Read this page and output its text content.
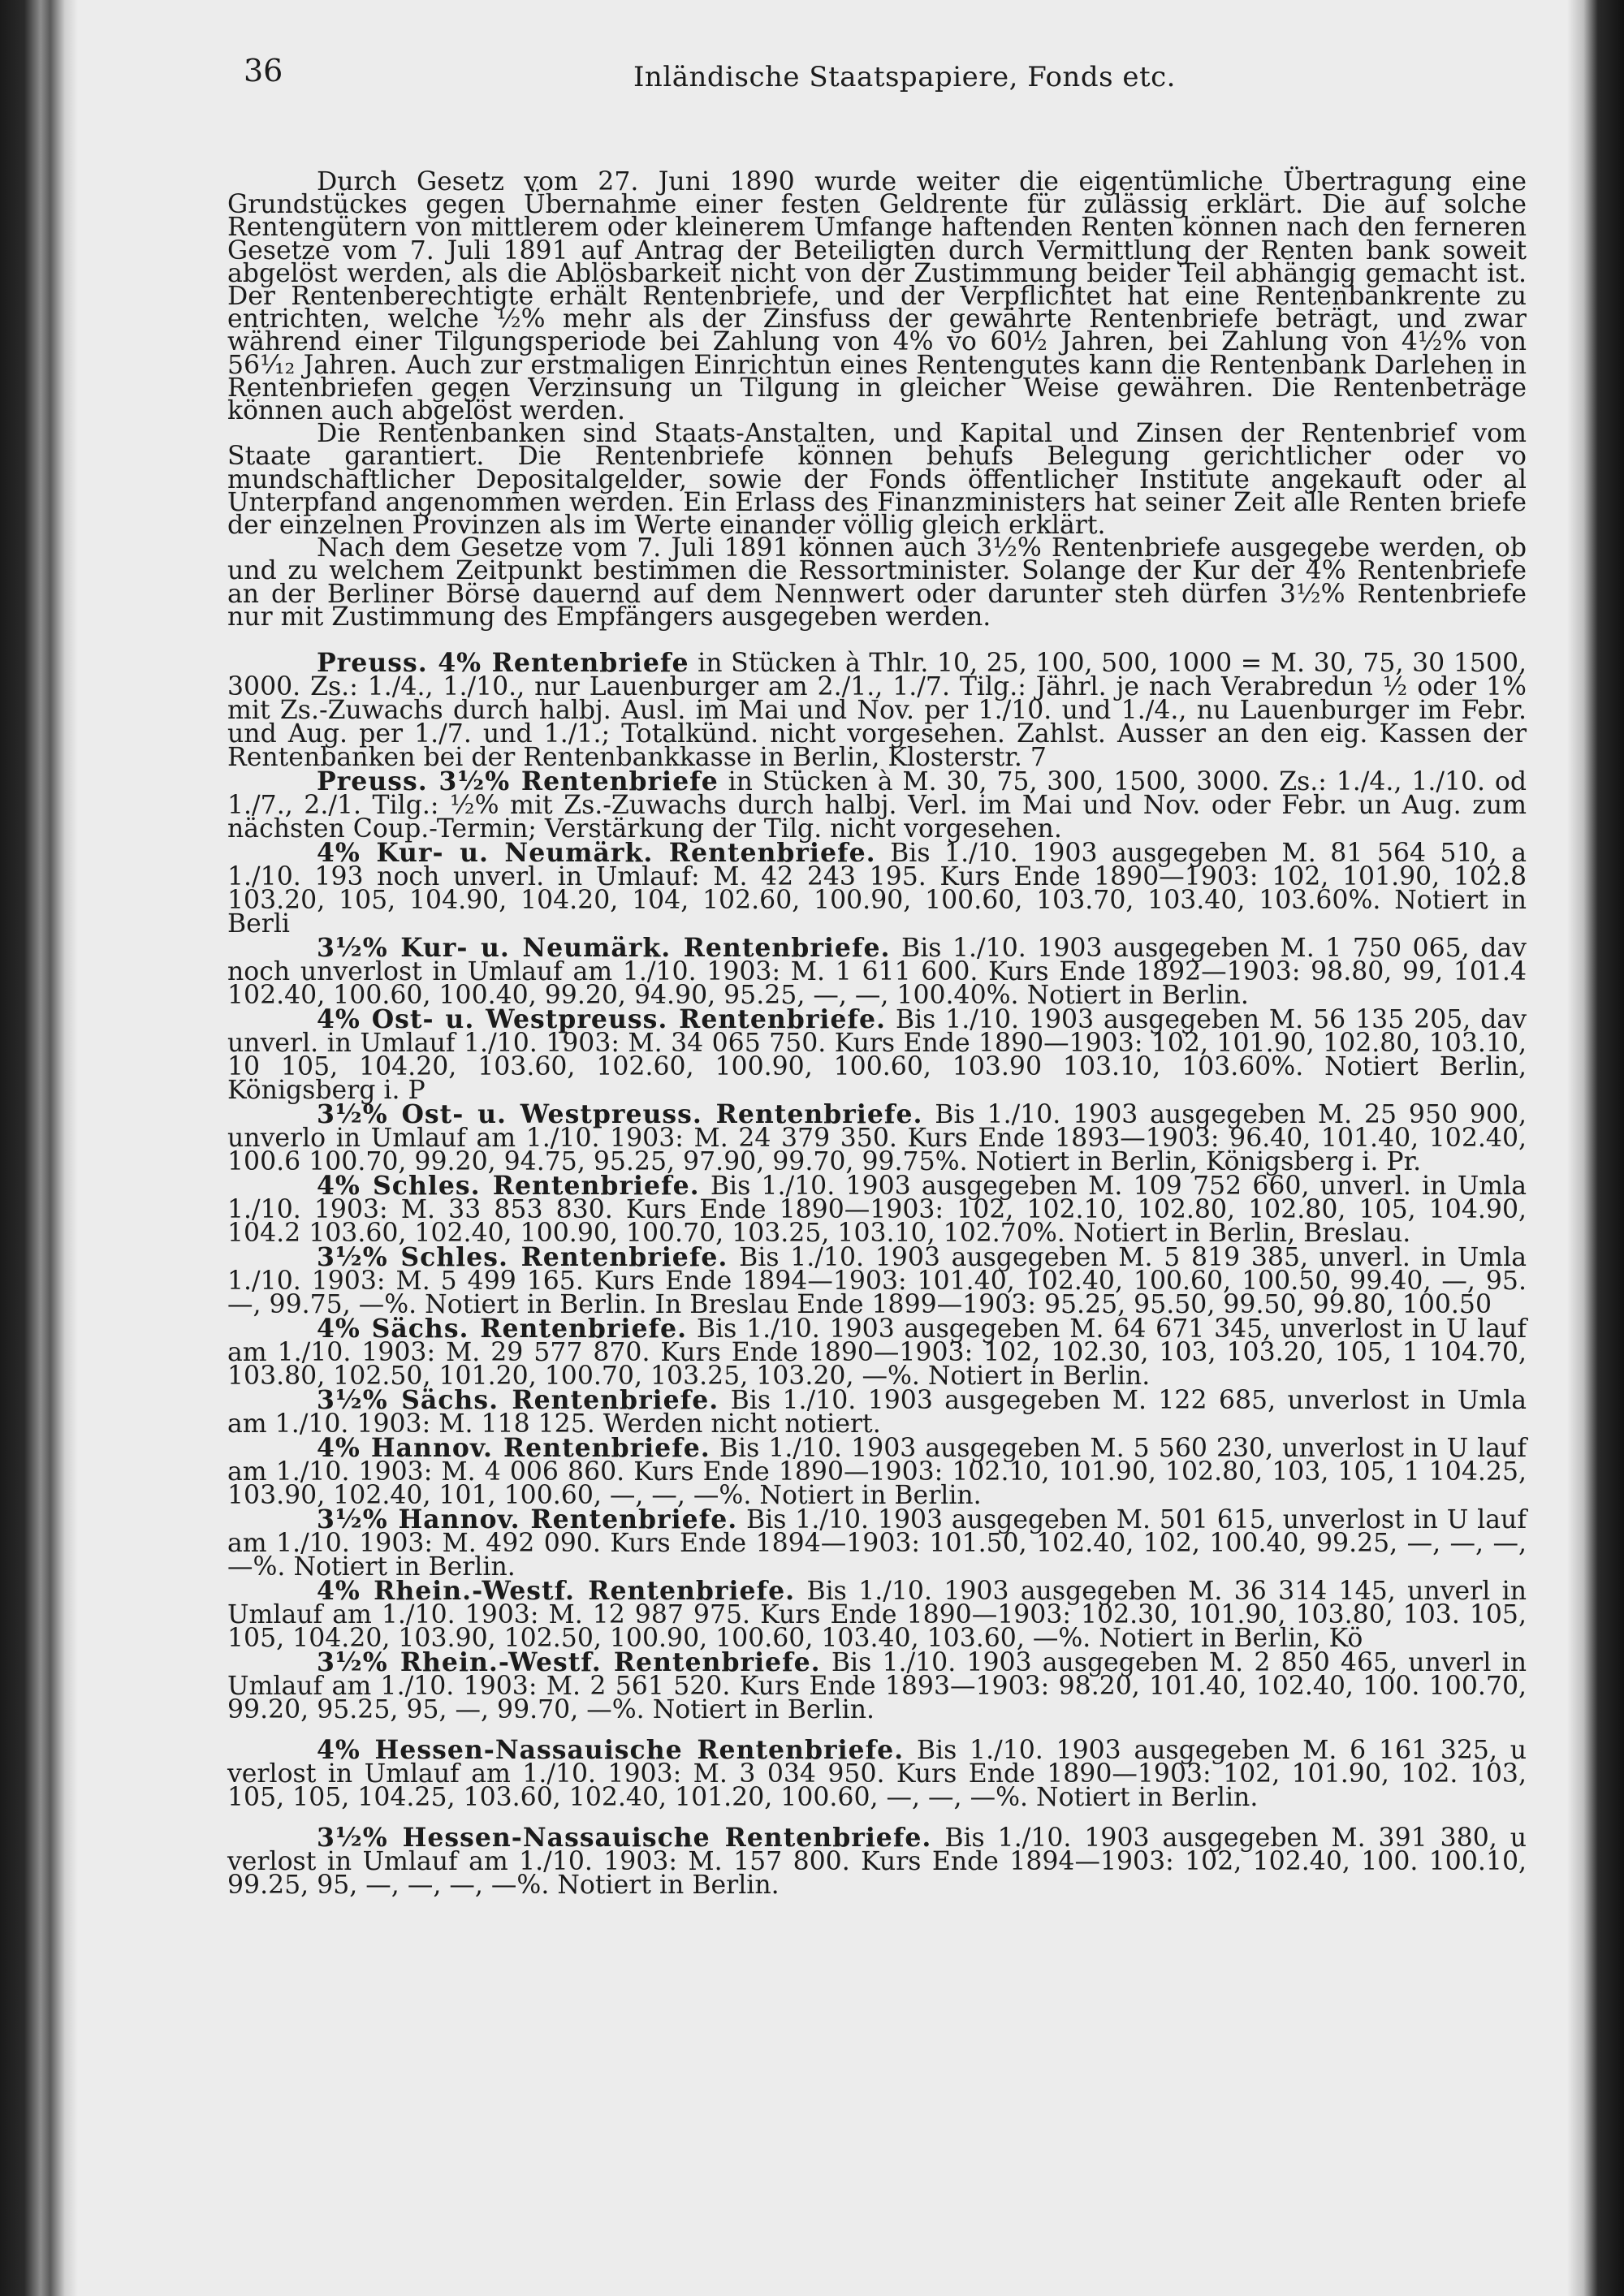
36	Inländische Staatspapiere, Fonds etc.

Durch Gesetz vom 27. Juni 1890 wurde weiter die eigentümliche Übertragung eine Grundstückes gegen Übernahme einer festen Geldrente für zulässig erklärt. Die auf solche Rentengütern von mittlerem oder kleinerem Umfange haftenden Renten können nach den ferneren Gesetze vom 7. Juli 1891 auf Antrag der Beteiligten durch Vermittlung der Renten bank soweit abgelöst werden, als die Ablösbarkeit nicht von der Zustimmung beider Teil abhängig gemacht ist. Der Rentenberechtigte erhält Rentenbriefe, und der Verpflichtet hat eine Rentenbankrente zu entrichten, welche ½% mehr als der Zinsfuss der gewährte Rentenbriefe beträgt, und zwar während einer Tilgungsperiode bei Zahlung von 4% vo 60½ Jahren, bei Zahlung von 4½% von 56¹⁄₁₂ Jahren. Auch zur erstmaligen Einrichtun eines Rentengutes kann die Rentenbank Darlehen in Rentenbriefen gegen Verzinsung un Tilgung in gleicher Weise gewähren. Die Rentenbeträge können auch abgelöst werden.

Die Rentenbanken sind Staats-Anstalten, und Kapital und Zinsen der Rentenbrief vom Staate garantiert. Die Rentenbriefe können behufs Belegung gerichtlicher oder vo mundschaftlicher Depositalgelder, sowie der Fonds öffentlicher Institute angekauft oder al Unterpfand angenommen werden. Ein Erlass des Finanzministers hat seiner Zeit alle Renten briefe der einzelnen Provinzen als im Werte einander völlig gleich erklärt.

Nach dem Gesetze vom 7. Juli 1891 können auch 3½% Rentenbriefe ausgegebe werden, ob und zu welchem Zeitpunkt bestimmen die Ressortminister. Solange der Kur der 4% Rentenbriefe an der Berliner Börse dauernd auf dem Nennwert oder darunter steh dürfen 3½% Rentenbriefe nur mit Zustimmung des Empfängers ausgegeben werden.

Preuss. 4% Rentenbriefe in Stücken à Thlr. 10, 25, 100, 500, 1000 = M. 30, 75, 30 1500, 3000. Zs.: 1./4., 1./10., nur Lauenburger am 2./1., 1./7. Tilg.: Jährl. je nach Verabredun ½ oder 1% mit Zs.-Zuwachs durch halbj. Ausl. im Mai und Nov. per 1./10. und 1./4., nu Lauenburger im Febr. und Aug. per 1./7. und 1./1.; Totalkünd. nicht vorgesehen. Zahlst. Ausser an den eig. Kassen der Rentenbanken bei der Rentenbankkasse in Berlin, Klosterstr. 7

Preuss. 3½% Rentenbriefe in Stücken à M. 30, 75, 300, 1500, 3000. Zs.: 1./4., 1./10. od 1./7., 2./1. Tilg.: ½% mit Zs.-Zuwachs durch halbj. Verl. im Mai und Nov. oder Febr. un Aug. zum nächsten Coup.-Termin; Verstärkung der Tilg. nicht vorgesehen.

4% Kur- u. Neumärk. Rentenbriefe. Bis 1./10. 1903 ausgegeben M. 81 564 510, a 1./10. 193 noch unverl. in Umlauf: M. 42 243 195. Kurs Ende 1890—1903: 102, 101.90, 102.8 103.20, 105, 104.90, 104.20, 104, 102.60, 100.90, 100.60, 103.70, 103.40, 103.60%. Notiert in Berli

3½% Kur- u. Neumärk. Rentenbriefe. Bis 1./10. 1903 ausgegeben M. 1 750 065, dav noch unverlost in Umlauf am 1./10. 1903: M. 1 611 600. Kurs Ende 1892—1903: 98.80, 99, 101.4 102.40, 100.60, 100.40, 99.20, 94.90, 95.25, —, —, 100.40%. Notiert in Berlin.

4% Ost- u. Westpreuss. Rentenbriefe. Bis 1./10. 1903 ausgegeben M. 56 135 205, dav unverl. in Umlauf 1./10. 1903: M. 34 065 750. Kurs Ende 1890—1903: 102, 101.90, 102.80, 103.10, 10 105, 104.20, 103.60, 102.60, 100.90, 100.60, 103.90 103.10, 103.60%. Notiert Berlin, Königsberg i. P

3½% Ost- u. Westpreuss. Rentenbriefe. Bis 1./10. 1903 ausgegeben M. 25 950 900, unverlo in Umlauf am 1./10. 1903: M. 24 379 350. Kurs Ende 1893—1903: 96.40, 101.40, 102.40, 100.6 100.70, 99.20, 94.75, 95.25, 97.90, 99.70, 99.75%. Notiert in Berlin, Königsberg i. Pr.

4% Schles. Rentenbriefe. Bis 1./10. 1903 ausgegeben M. 109 752 660, unverl. in Umla 1./10. 1903: M. 33 853 830. Kurs Ende 1890—1903: 102, 102.10, 102.80, 102.80, 105, 104.90, 104.2 103.60, 102.40, 100.90, 100.70, 103.25, 103.10, 102.70%. Notiert in Berlin, Breslau.

3½% Schles. Rentenbriefe. Bis 1./10. 1903 ausgegeben M. 5 819 385, unverl. in Umla 1./10. 1903: M. 5 499 165. Kurs Ende 1894—1903: 101.40, 102.40, 100.60, 100.50, 99.40, —, 95. —, 99.75, —%. Notiert in Berlin. In Breslau Ende 1899—1903: 95.25, 95.50, 99.50, 99.80, 100.50

4% Sächs. Rentenbriefe. Bis 1./10. 1903 ausgegeben M. 64 671 345, unverlost in U lauf am 1./10. 1903: M. 29 577 870. Kurs Ende 1890—1903: 102, 102.30, 103, 103.20, 105, 1 104.70, 103.80, 102.50, 101.20, 100.70, 103.25, 103.20, —%. Notiert in Berlin.

3½% Sächs. Rentenbriefe. Bis 1./10. 1903 ausgegeben M. 122 685, unverlost in Umla am 1./10. 1903: M. 118 125. Werden nicht notiert.

4% Hannov. Rentenbriefe. Bis 1./10. 1903 ausgegeben M. 5 560 230, unverlost in U lauf am 1./10. 1903: M. 4 006 860. Kurs Ende 1890—1903: 102.10, 101.90, 102.80, 103, 105, 1 104.25, 103.90, 102.40, 101, 100.60, —, —, —%. Notiert in Berlin.

3½% Hannov. Rentenbriefe. Bis 1./10. 1903 ausgegeben M. 501 615, unverlost in U lauf am 1./10. 1903: M. 492 090. Kurs Ende 1894—1903: 101.50, 102.40, 102, 100.40, 99.25, —, —, —, —%. Notiert in Berlin.

4% Rhein.-Westf. Rentenbriefe. Bis 1./10. 1903 ausgegeben M. 36 314 145, unverl in Umlauf am 1./10. 1903: M. 12 987 975. Kurs Ende 1890—1903: 102.30, 101.90, 103.80, 103. 105, 105, 104.20, 103.90, 102.50, 100.90, 100.60, 103.40, 103.60, —%. Notiert in Berlin, Kö

3½% Rhein.-Westf. Rentenbriefe. Bis 1./10. 1903 ausgegeben M. 2 850 465, unverl in Umlauf am 1./10. 1903: M. 2 561 520. Kurs Ende 1893—1903: 98.20, 101.40, 102.40, 100. 100.70, 99.20, 95.25, 95, —, 99.70, —%. Notiert in Berlin.

4% Hessen-Nassauische Rentenbriefe. Bis 1./10. 1903 ausgegeben M. 6 161 325, u verlost in Umlauf am 1./10. 1903: M. 3 034 950. Kurs Ende 1890—1903: 102, 101.90, 102. 103, 105, 105, 104.25, 103.60, 102.40, 101.20, 100.60, —, —, —%. Notiert in Berlin.

3½% Hessen-Nassauische Rentenbriefe. Bis 1./10. 1903 ausgegeben M. 391 380, u verlost in Umlauf am 1./10. 1903: M. 157 800. Kurs Ende 1894—1903: 102, 102.40, 100. 100.10, 99.25, 95, —, —, —, —%. Notiert in Berlin.
